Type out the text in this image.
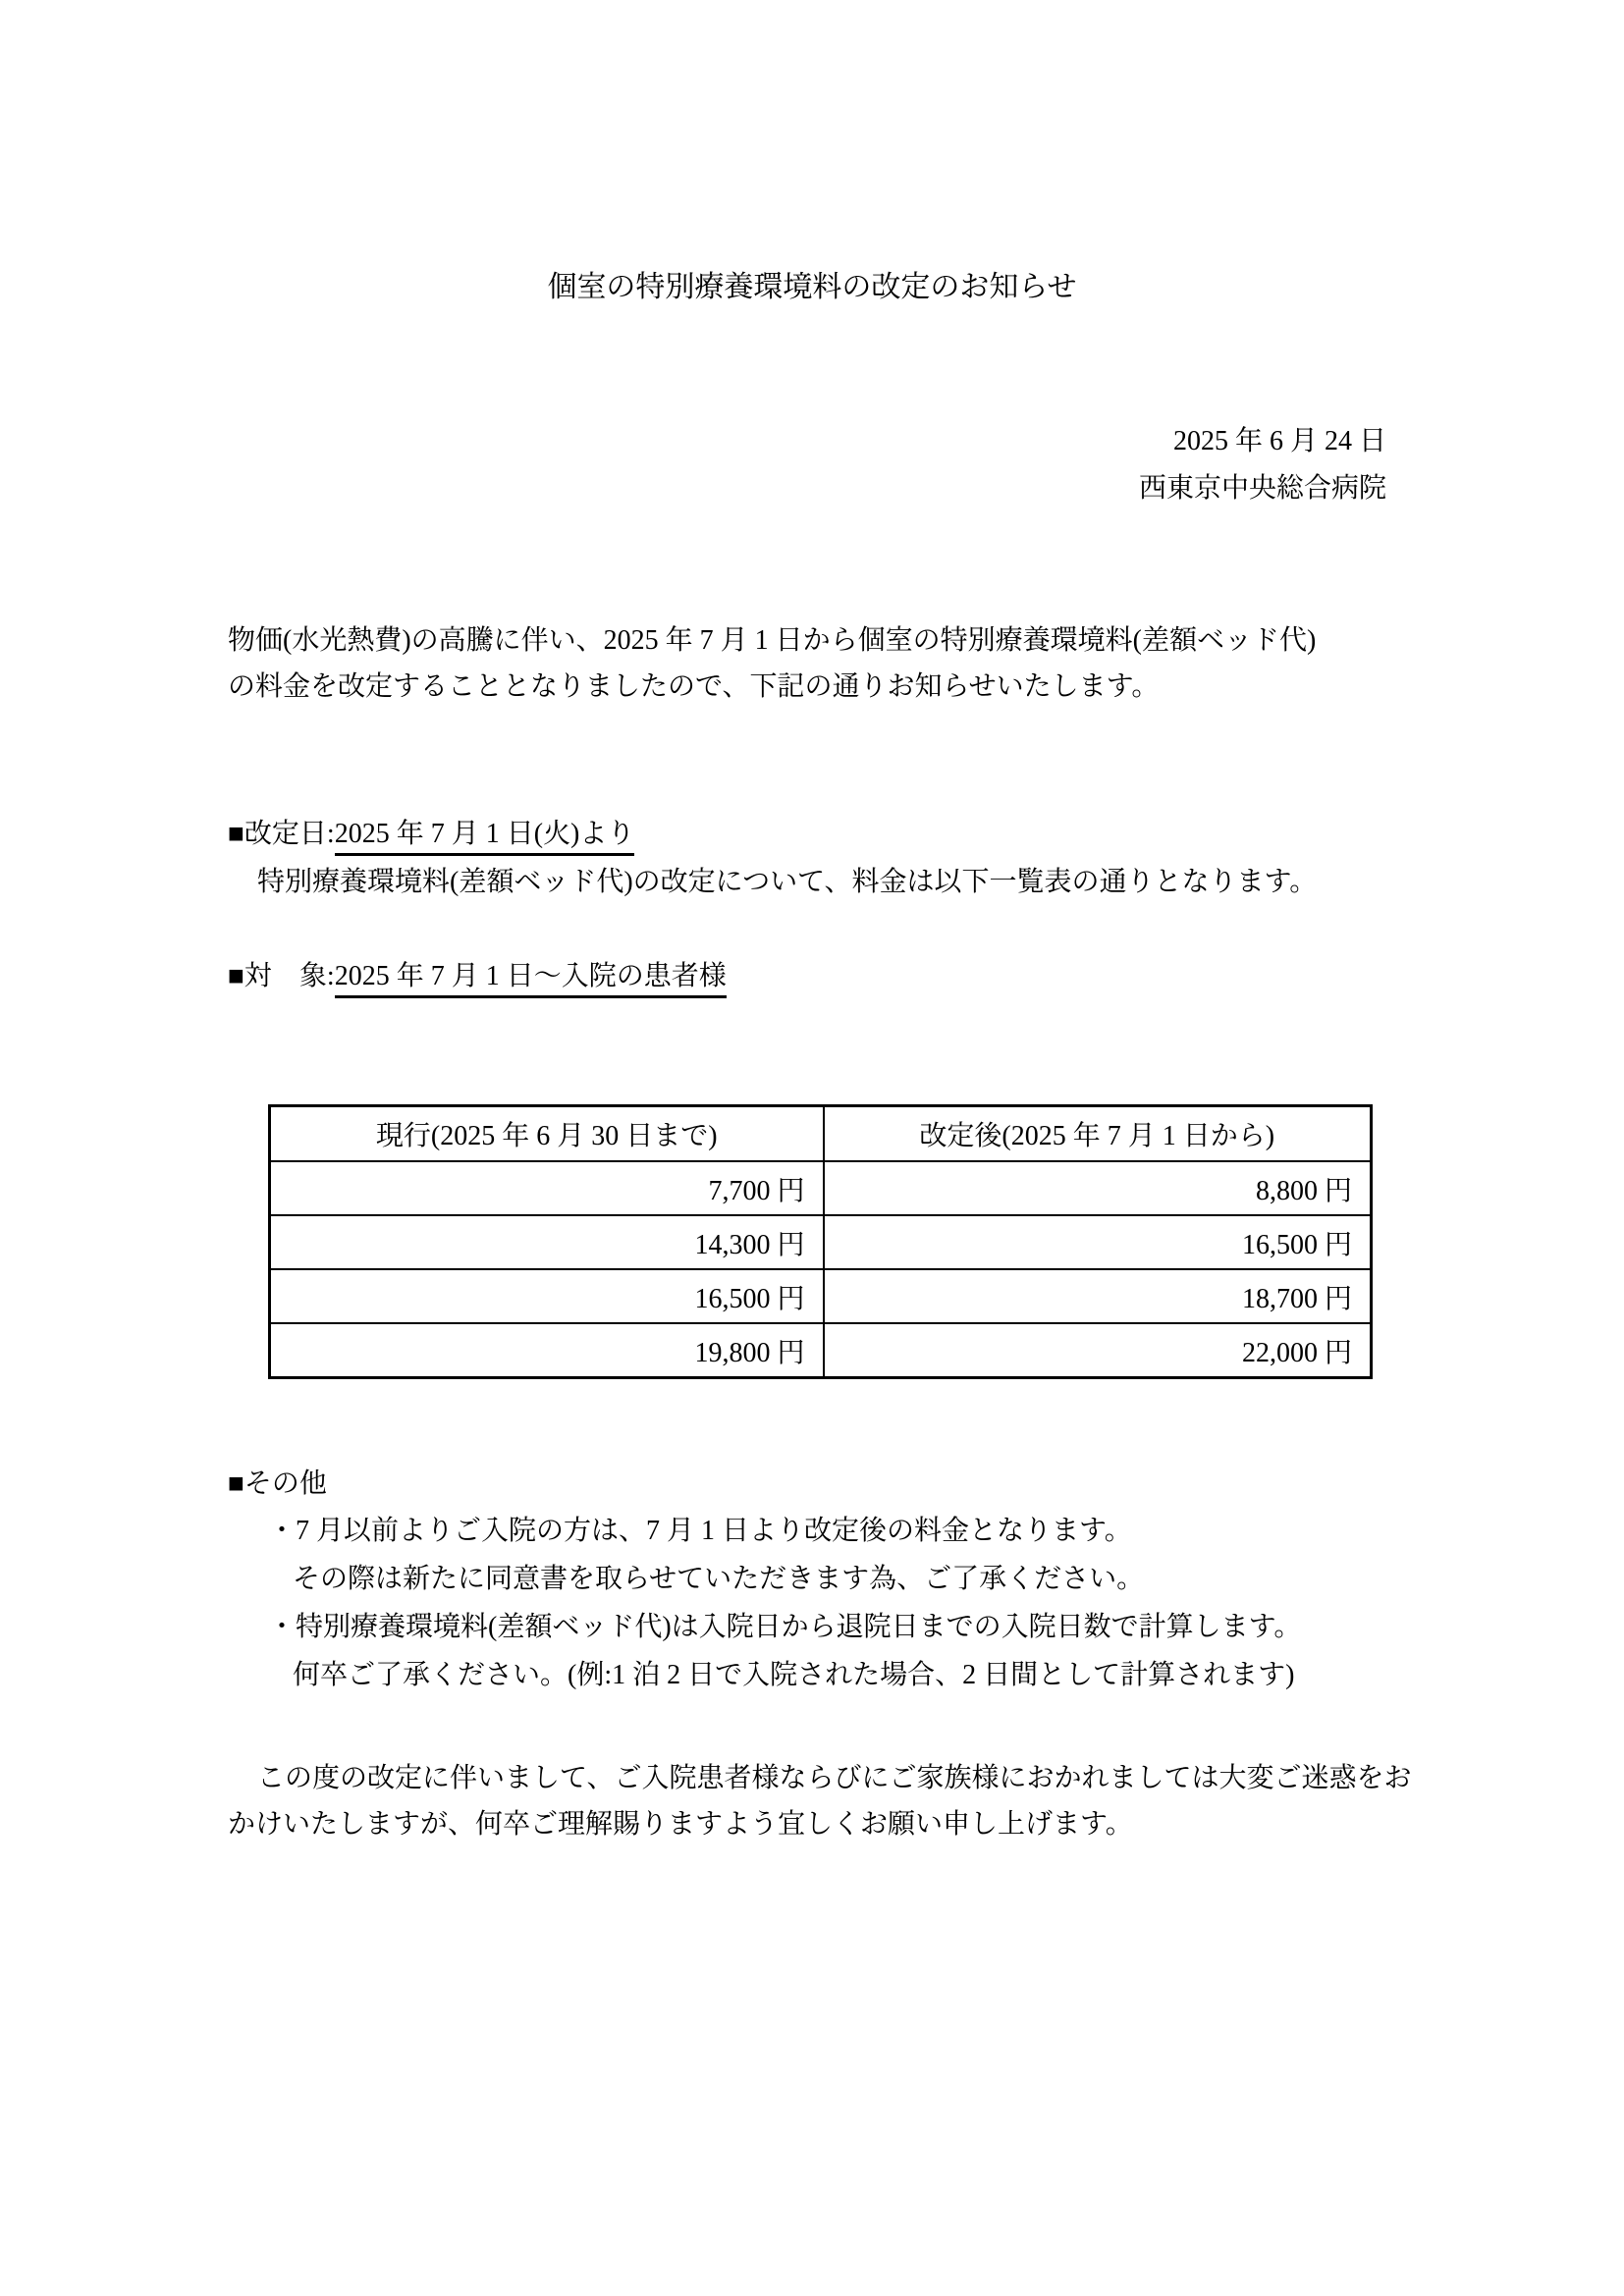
個室の特別療養環境料の改定のお知らせ
2025 年 6 月 24 日
西東京中央総合病院
物価(水光熱費)の高騰に伴い、2025 年 7 月 1 日から個室の特別療養環境料(差額ベッド代)
の料金を改定することとなりましたので、下記の通りお知らせいたします。
■改定日:2025 年 7 月 1 日(火)より
特別療養環境料(差額ベッド代)の改定について、料金は以下一覧表の通りとなります。
■対　象:2025 年 7 月 1 日～入院の患者様
現行(2025 年 6 月 30 日まで)	改定後(2025 年 7 月 1 日から)
7,700 円	8,800 円
14,300 円	16,500 円
16,500 円	18,700 円
19,800 円	22,000 円
■その他
・7 月以前よりご入院の方は、7 月 1 日より改定後の料金となります。
その際は新たに同意書を取らせていただきます為、ご了承ください。
・特別療養環境料(差額ベッド代)は入院日から退院日までの入院日数で計算します。
何卒ご了承ください。(例:1 泊 2 日で入院された場合、2 日間として計算されます)
この度の改定に伴いまして、ご入院患者様ならびにご家族様におかれましては大変ご迷惑をお
かけいたしますが、何卒ご理解賜りますよう宜しくお願い申し上げます。
